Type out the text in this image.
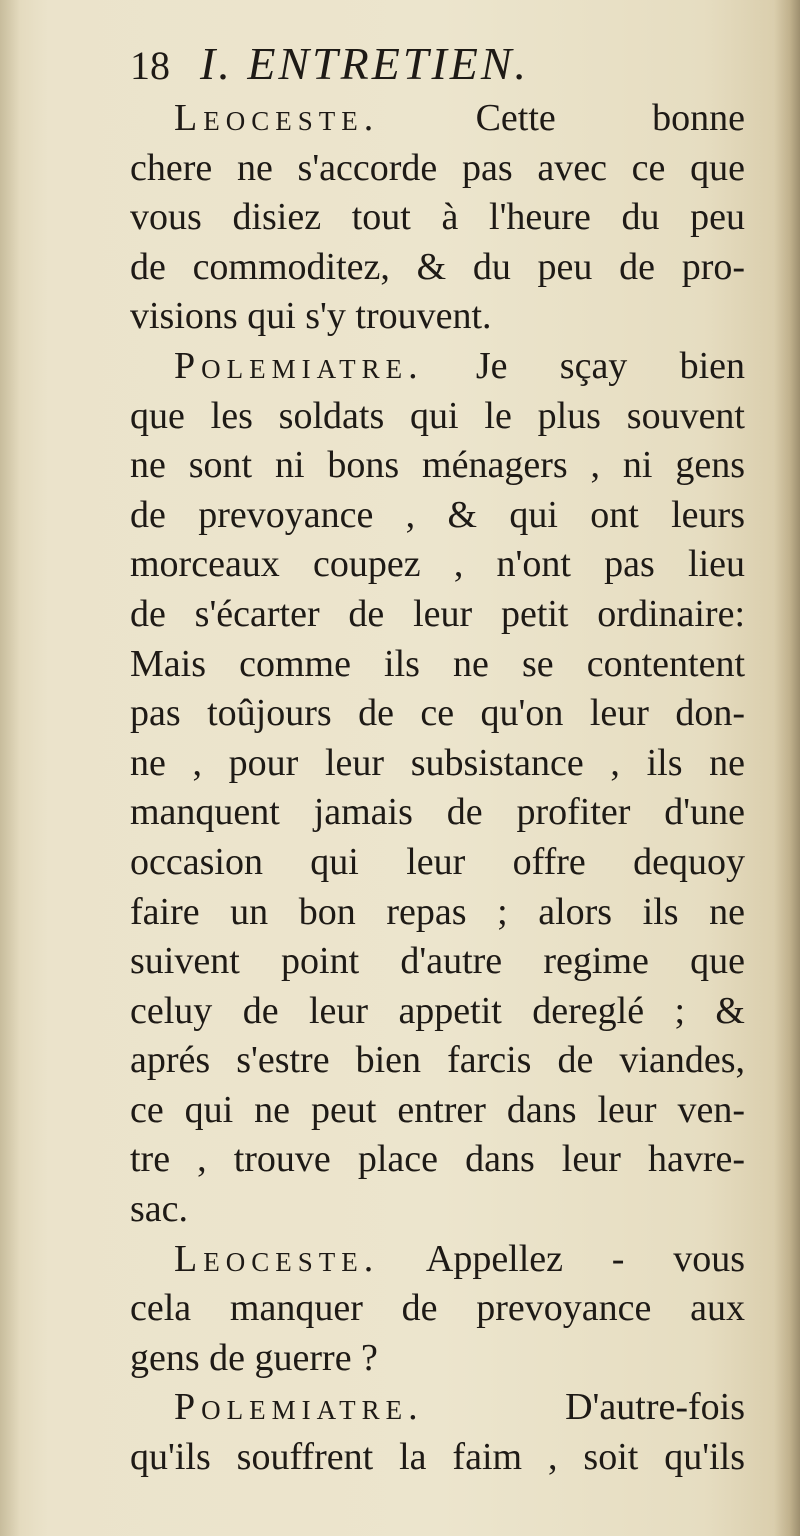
18 I. ENTRETIEN.
Leoceste. Cette bonne
chere ne s'accorde pas avec ce que
vous disiez tout à l'heure du peu
de commoditez, & du peu de pro-
visions qui s'y trouvent.
Polemiatre. Je sçay bien
que les soldats qui le plus souvent
ne sont ni bons ménagers , ni gens
de prevoyance , & qui ont leurs
morceaux coupez , n'ont pas lieu
de s'écarter de leur petit ordinaire:
Mais comme ils ne se contentent
pas toûjours de ce qu'on leur don-
ne , pour leur subsistance , ils ne
manquent jamais de profiter d'une
occasion qui leur offre dequoy
faire un bon repas ; alors ils ne
suivent point d'autre regime que
celuy de leur appetit dereglé ; &
aprés s'estre bien farcis de viandes,
ce qui ne peut entrer dans leur ven-
tre , trouve place dans leur havre-
sac.
Leoceste. Appellez - vous
cela manquer de prevoyance aux
gens de guerre ?
Polemiatre. D'autre-fois
qu'ils souffrent la faim , soit qu'ils
